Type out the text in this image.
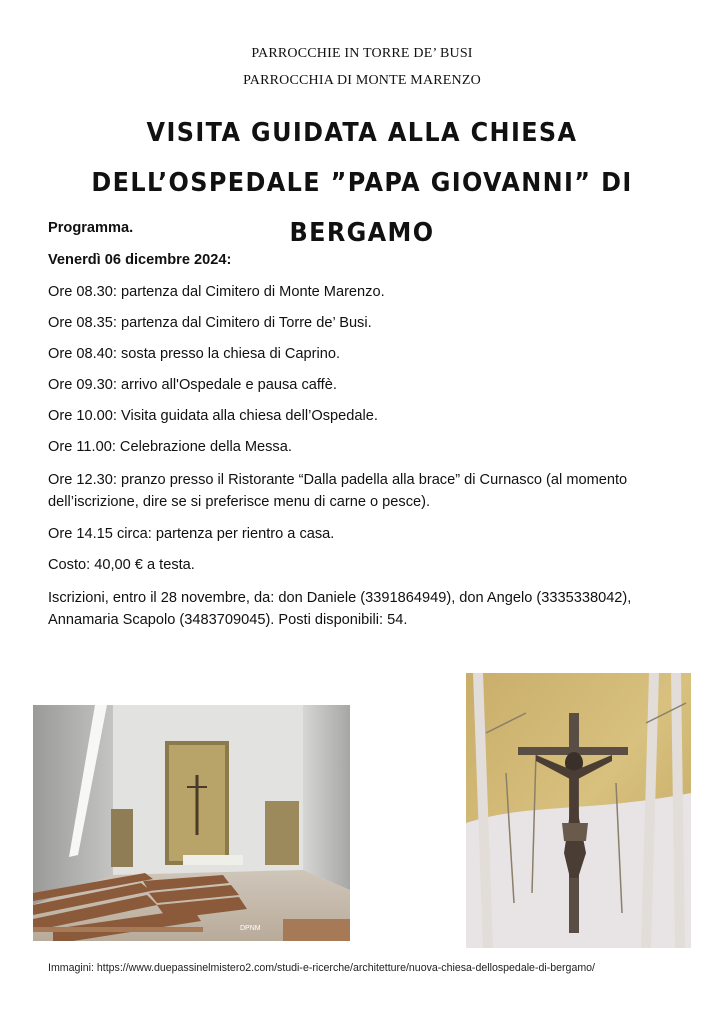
PARROCCHIE IN TORRE DE’ BUSI
PARROCCHIA DI MONTE MARENZO
VISITA GUIDATA ALLA CHIESA
DELL’OSPEDALE ”PAPA GIOVANNI” DI BERGAMO

Programma.

Venerdì 06 dicembre 2024:

Ore 08.30: partenza dal Cimitero di Monte Marenzo.

Ore 08.35: partenza dal Cimitero di Torre de’ Busi.

Ore 08.40: sosta presso la chiesa di Caprino.

Ore 09.30: arrivo all'Ospedale e pausa caffè.

Ore 10.00: Visita guidata alla chiesa dell’Ospedale.

Ore 11.00: Celebrazione della Messa.

Ore 12.30: pranzo presso il Ristorante “Dalla padella alla brace” di Curnasco (al momento dell’iscrizione, dire se si preferisce menu di carne o pesce).

Ore 14.15 circa: partenza per rientro a casa.

Costo: 40,00 € a testa.

Iscrizioni, entro il 28 novembre, da: don Daniele (3391864949), don Angelo (3335338042), Annamaria Scapolo (3483709045). Posti disponibili: 54.

DPNM
Immagini: https://www.duepassinelmistero2.com/studi-e-ricerche/architetture/nuova-chiesa-dellospedale-di-bergamo/
